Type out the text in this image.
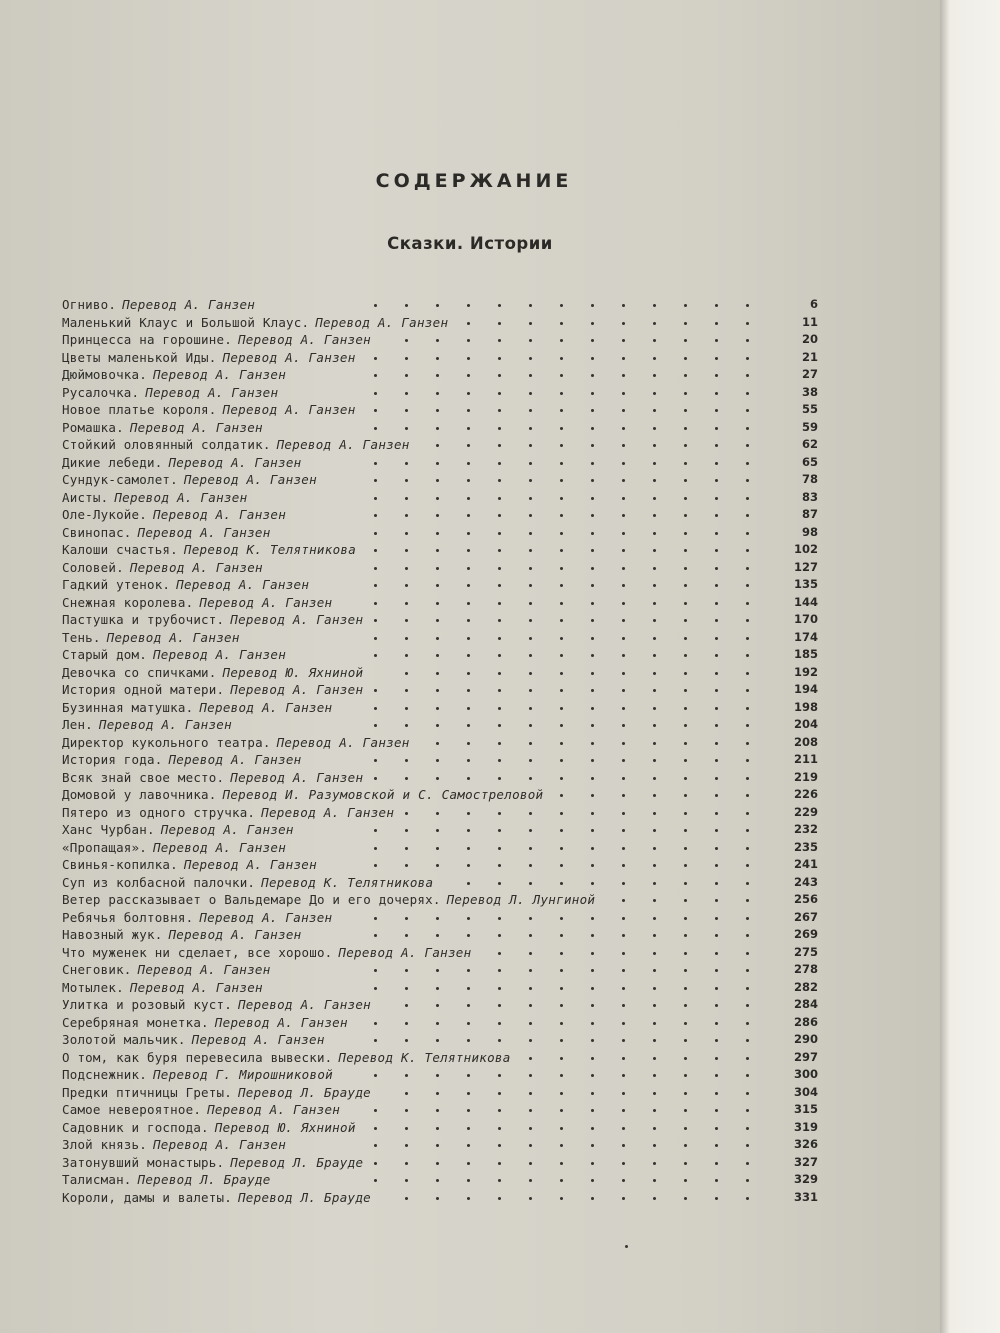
СОДЕРЖАНИЕ
Сказки. Истории
Огниво. Перевод А. Ганзен	6
Маленький Клаус и Большой Клаус. Перевод А. Ганзен	11
Принцесса на горошине. Перевод А. Ганзен	20
Цветы маленькой Иды. Перевод А. Ганзен	21
Дюймовочка. Перевод А. Ганзен	27
Русалочка. Перевод А. Ганзен	38
Новое платье короля. Перевод А. Ганзен	55
Ромашка. Перевод А. Ганзен	59
Стойкий оловянный солдатик. Перевод А. Ганзен	62
Дикие лебеди. Перевод А. Ганзен	65
Сундук-самолет. Перевод А. Ганзен	78
Аисты. Перевод А. Ганзен	83
Оле-Лукойе. Перевод А. Ганзен	87
Свинопас. Перевод А. Ганзен	98
Калоши счастья. Перевод К. Телятникова	102
Соловей. Перевод А. Ганзен	127
Гадкий утенок. Перевод А. Ганзен	135
Снежная королева. Перевод А. Ганзен	144
Пастушка и трубочист. Перевод А. Ганзен	170
Тень. Перевод А. Ганзен	174
Старый дом. Перевод А. Ганзен	185
Девочка со спичками. Перевод Ю. Яхниной	192
История одной матери. Перевод А. Ганзен	194
Бузинная матушка. Перевод А. Ганзен	198
Лен. Перевод А. Ганзен	204
Директор кукольного театра. Перевод А. Ганзен	208
История года. Перевод А. Ганзен	211
Всяк знай свое место. Перевод А. Ганзен	219
Домовой у лавочника. Перевод И. Разумовской и С. Самостреловой	226
Пятеро из одного стручка. Перевод А. Ганзен	229
Ханс Чурбан. Перевод А. Ганзен	232
«Пропащая». Перевод А. Ганзен	235
Свинья-копилка. Перевод А. Ганзен	241
Суп из колбасной палочки. Перевод К. Телятникова	243
Ветер рассказывает о Вальдемаре До и его дочерях. Перевод Л. Лунгиной	256
Ребячья болтовня. Перевод А. Ганзен	267
Навозный жук. Перевод А. Ганзен	269
Что муженек ни сделает, все хорошо. Перевод А. Ганзен	275
Снеговик. Перевод А. Ганзен	278
Мотылек. Перевод А. Ганзен	282
Улитка и розовый куст. Перевод А. Ганзен	284
Серебряная монетка. Перевод А. Ганзен	286
Золотой мальчик. Перевод А. Ганзен	290
О том, как буря перевесила вывески. Перевод К. Телятникова	297
Подснежник. Перевод Г. Мирошниковой	300
Предки птичницы Греты. Перевод Л. Брауде	304
Самое невероятное. Перевод А. Ганзен	315
Садовник и господа. Перевод Ю. Яхниной	319
Злой князь. Перевод А. Ганзен	326
Затонувший монастырь. Перевод Л. Брауде	327
Талисман. Перевод Л. Брауде	329
Короли, дамы и валеты. Перевод Л. Брауде	331
